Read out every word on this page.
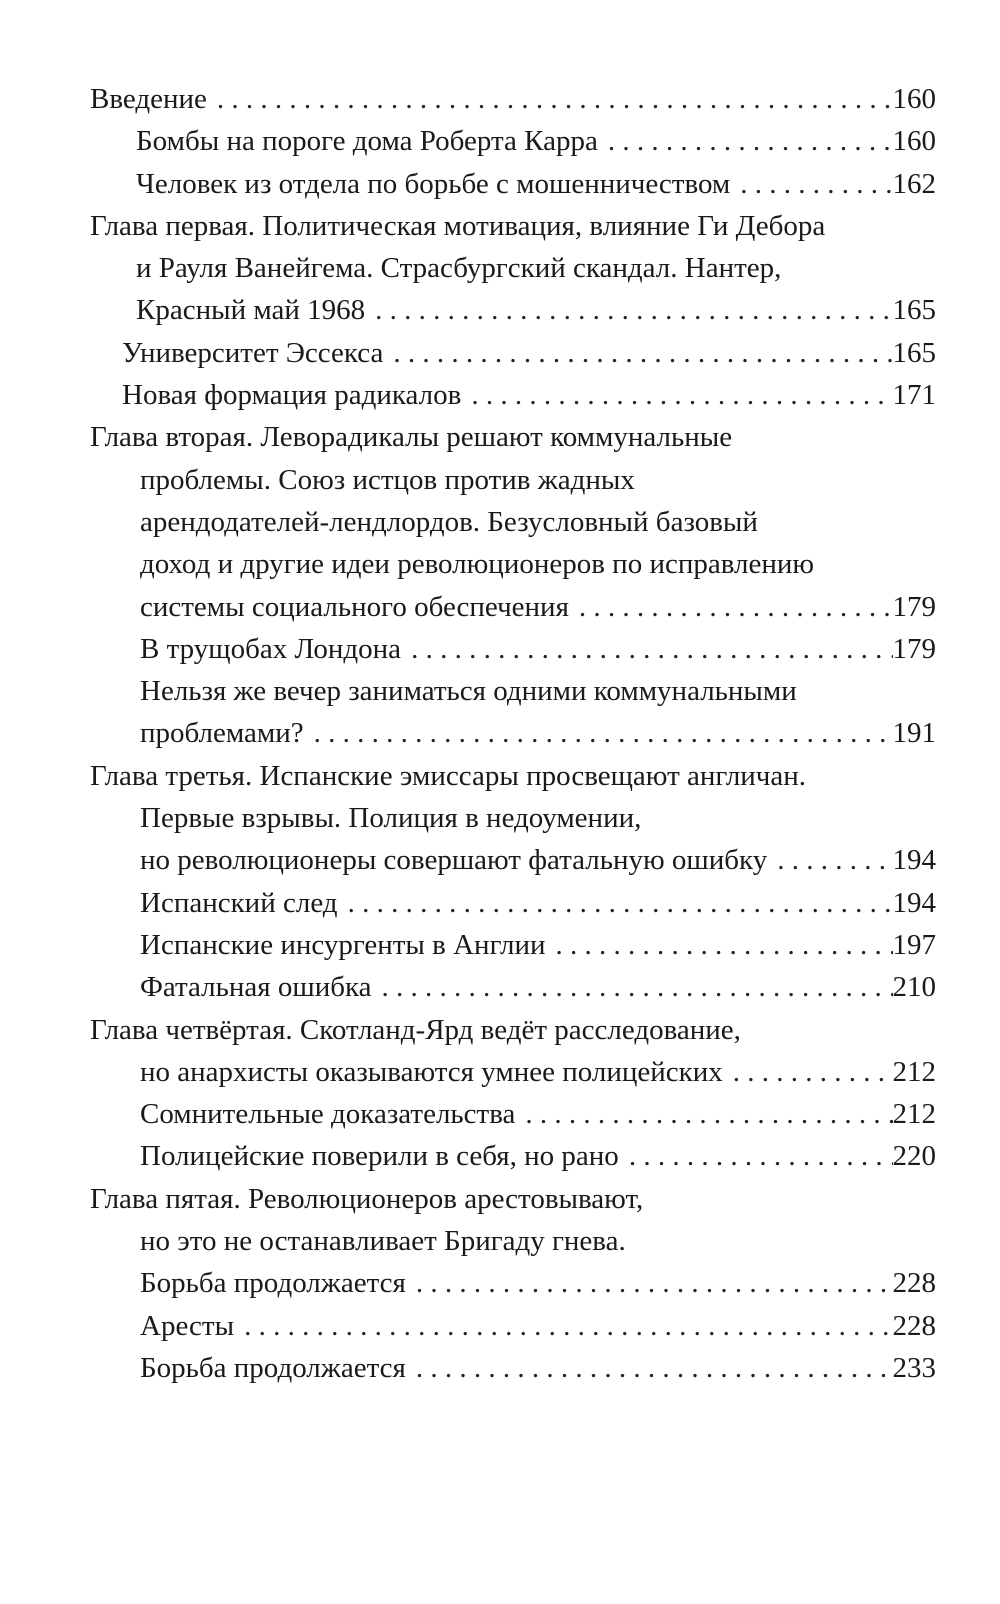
Введение . . .	160
Бомбы на пороге дома Роберта Карра . . .	160
Человек из отдела по борьбе с мошенничеством . . .	162
Глава первая. Политическая мотивация, влияние Ги Дебора
и Рауля Ванейгема. Страсбургский скандал. Нантер,
Красный май 1968 . . .	165
Университет Эссекса . . .	165
Новая формация радикалов . . .	171
Глава вторая. Леворадикалы решают коммунальные
проблемы. Союз истцов против жадных
арендодателей-лендлордов. Безусловный базовый
доход и другие идеи революционеров по исправлению
системы социального обеспечения . . .	179
В трущобах Лондона . . .	179
Нельзя же вечер заниматься одними коммунальными
проблемами? . . .	191
Глава третья. Испанские эмиссары просвещают англичан.
Первые взрывы. Полиция в недоумении,
но революционеры совершают фатальную ошибку . . .	194
Испанский след . . .	194
Испанские инсургенты в Англии . . .	197
Фатальная ошибка . . .	210
Глава четвёртая. Скотланд-Ярд ведёт расследование,
но анархисты оказываются умнее полицейских . . .	212
Сомнительные доказательства . . .	212
Полицейские поверили в себя, но рано . . .	220
Глава пятая. Революционеров арестовывают,
но это не останавливает Бригаду гнева.
Борьба продолжается . . .	228
Аресты . . .	228
Борьба продолжается . . .	233
